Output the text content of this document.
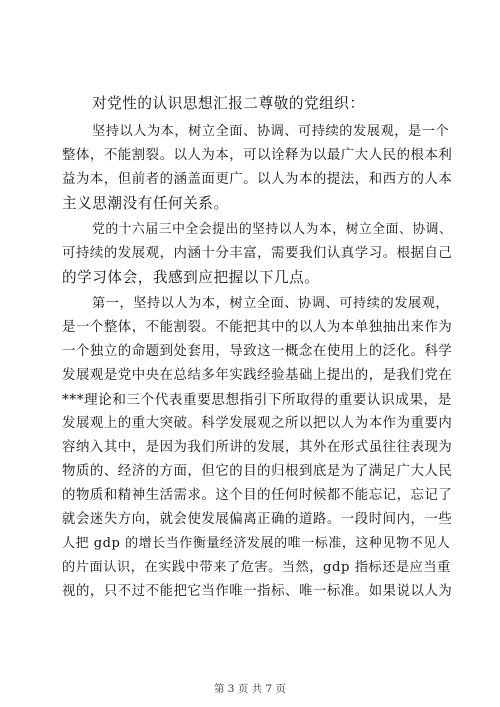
对党性的认识思想汇报二尊敬的党组织：
坚持以人为本，树立全面、协调、可持续的发展观，是一个
整体，不能割裂。以人为本，可以诠释为以最广大人民的根本利
益为本，但前者的涵盖面更广。以人为本的提法，和西方的人本
主义思潮没有任何关系。
党的十六届三中全会提出的坚持以人为本，树立全面、协调、
可持续的发展观，内涵十分丰富，需要我们认真学习。根据自己
的学习体会，我感到应把握以下几点。
第一，坚持以人为本，树立全面、协调、可持续的发展观，
是一个整体，不能割裂。不能把其中的以人为本单独抽出来作为
一个独立的命题到处套用，导致这一概念在使用上的泛化。科学
发展观是党中央在总结多年实践经验基础上提出的，是我们党在
***理论和三个代表重要思想指引下所取得的重要认识成果，是
发展观上的重大突破。科学发展观之所以把以人为本作为重要内
容纳入其中，是因为我们所讲的发展，其外在形式虽往往表现为
物质的、经济的方面，但它的目的归根到底是为了满足广大人民
的物质和精神生活需求。这个目的任何时候都不能忘记，忘记了
就会迷失方向，就会使发展偏离正确的道路。一段时间内，一些
人把 gdp 的增长当作衡量经济发展的唯一标准，这种见物不见人
的片面认识，在实践中带来了危害。当然，gdp 指标还是应当重
视的，只不过不能把它当作唯一指标、唯一标准。如果说以人为
第 3 页 共 7 页
